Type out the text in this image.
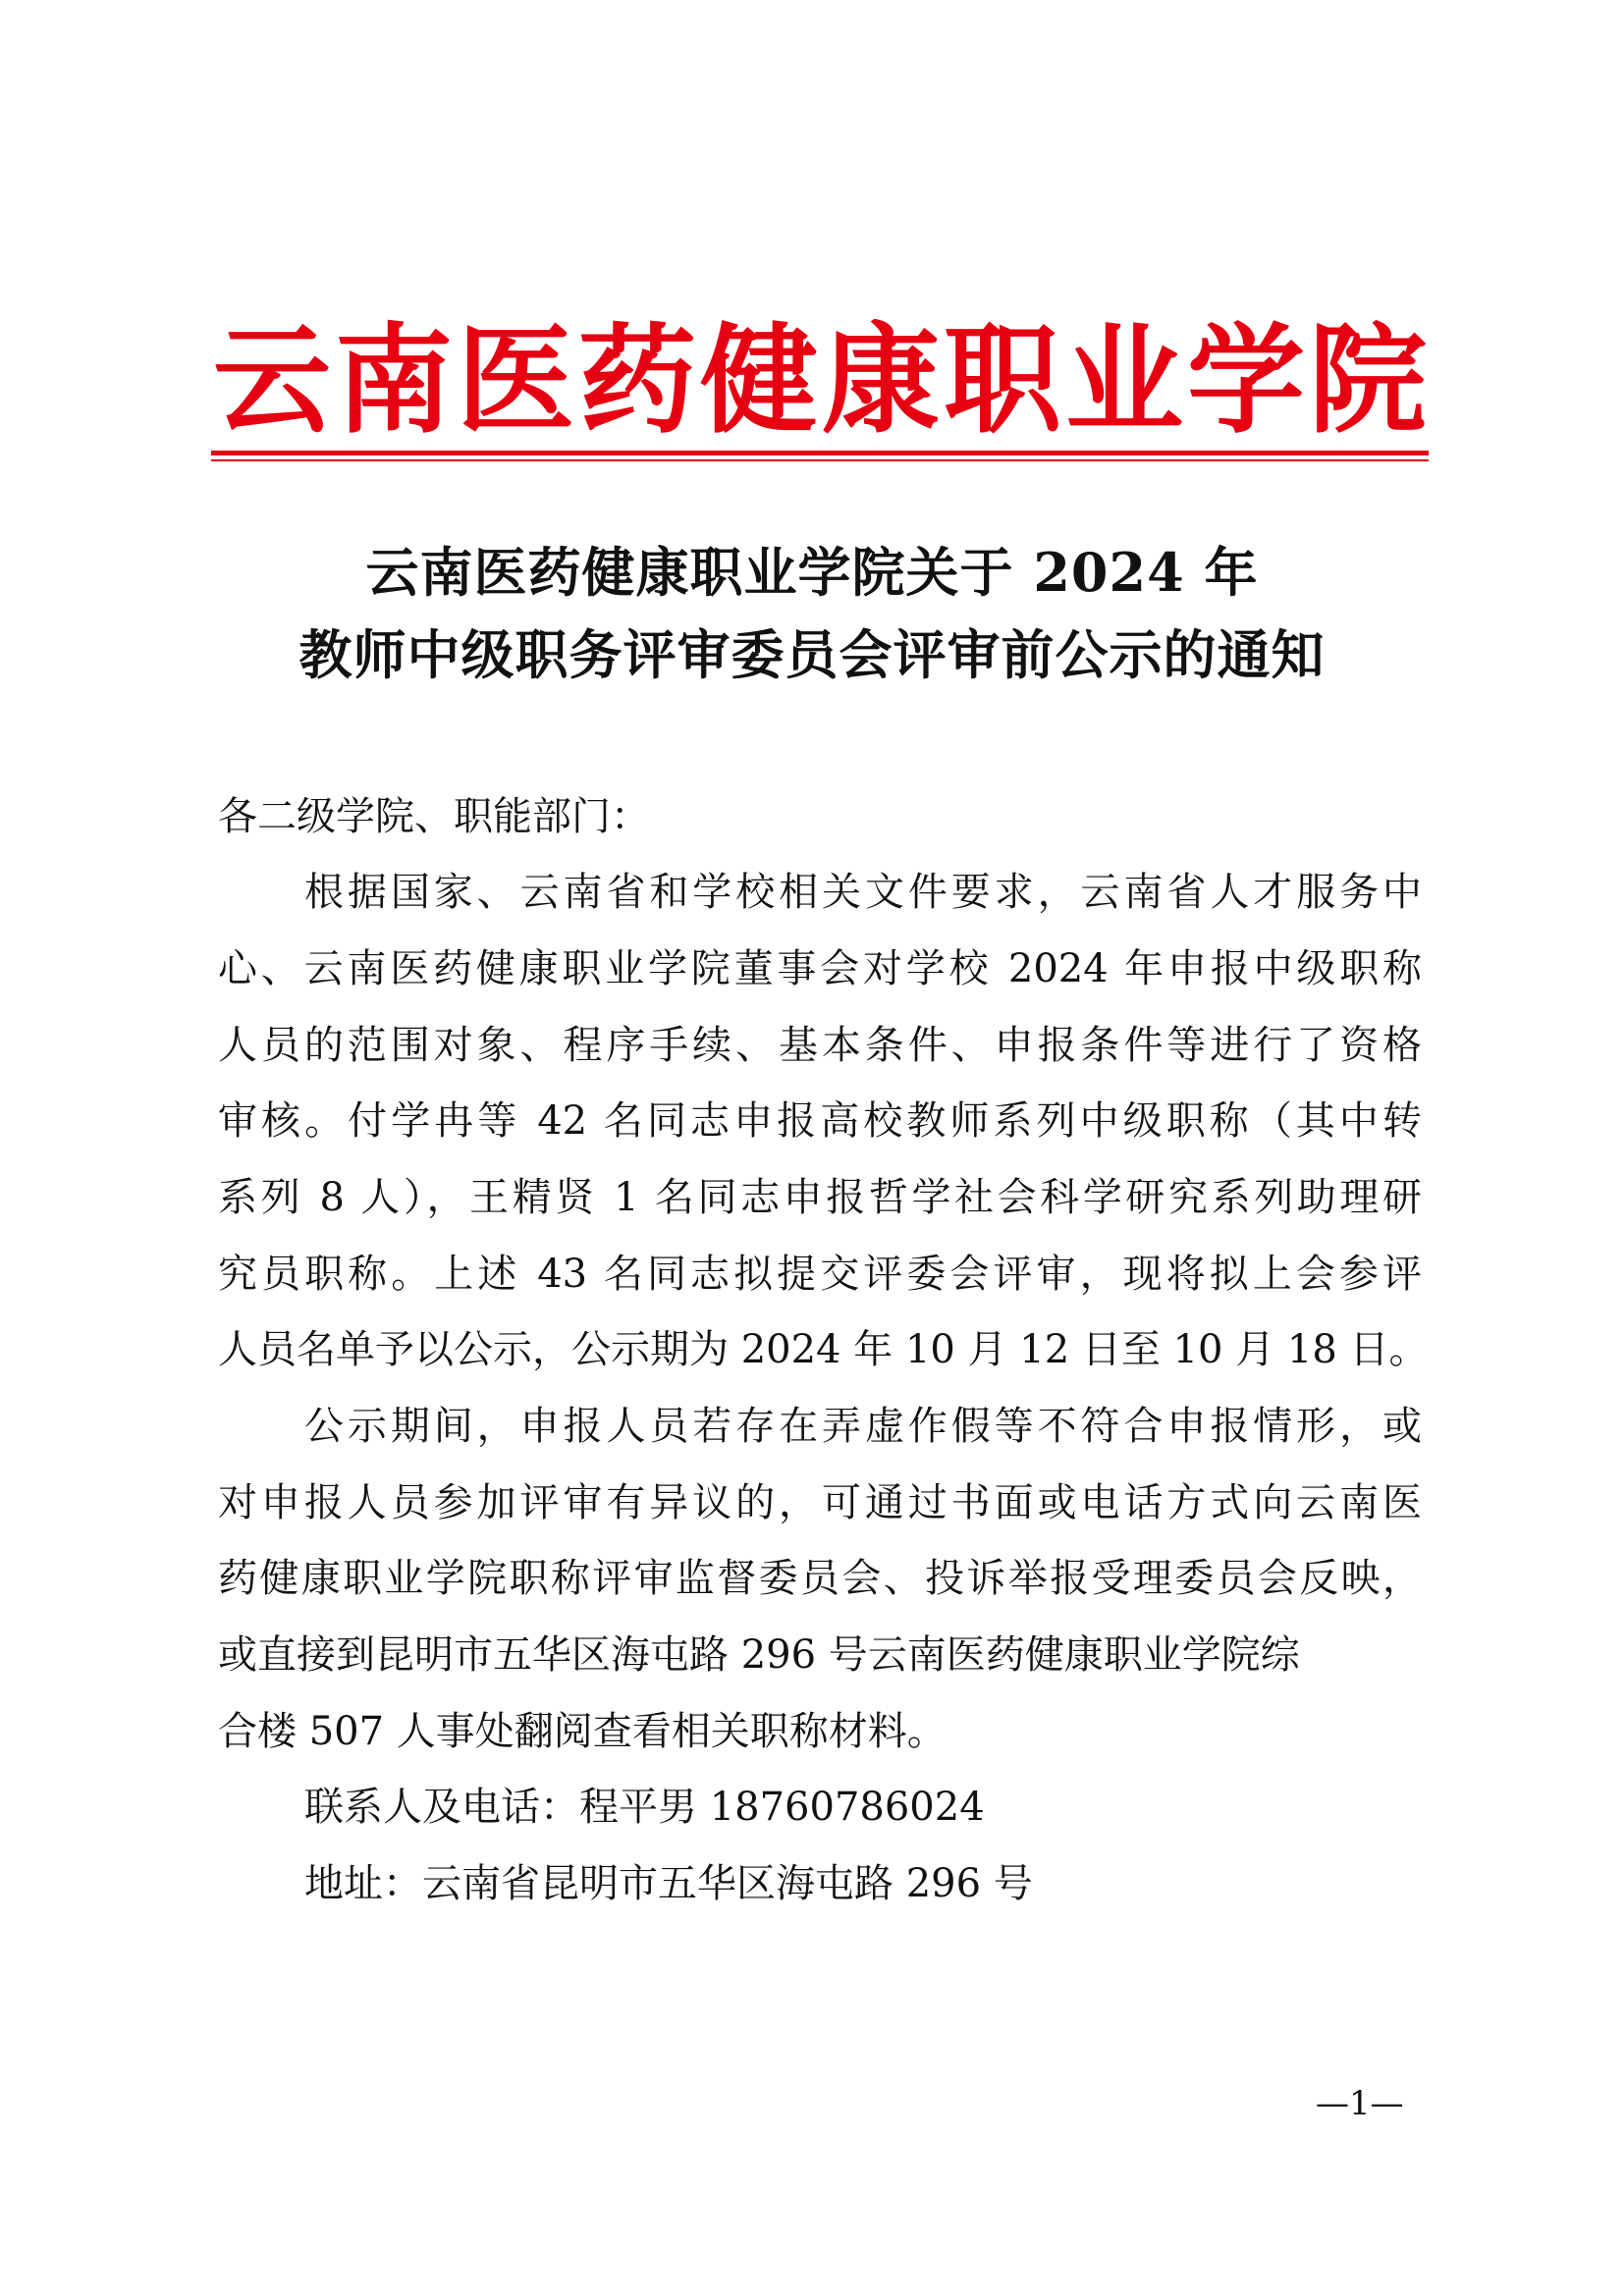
云 南 医 药 健 康 职 业 学 院
云南医药健康职业学院关于 2024 年
教师中级职务评审委员会评审前公示的通知
各二级学院、职能部门：
根据国家、云南省和学校相关文件要求，云南省人才服务中
心、云南医药健康职业学院董事会对学校 2024 年申报中级职称
人员的范围对象、程序手续、基本条件、申报条件等进行了资格
审核。付学冉等 42 名同志申报高校教师系列中级职称（其中转
系列 8 人），王精贤 1 名同志申报哲学社会科学研究系列助理研
究员职称。上述 43 名同志拟提交评委会评审，现将拟上会参评
人员名单予以公示，公示期为 2024 年 10 月 12 日至 10 月 18 日。
公示期间，申报人员若存在弄虚作假等不符合申报情形，或
对申报人员参加评审有异议的，可通过书面或电话方式向云南医
药健康职业学院职称评审监督委员会、投诉举报受理委员会反映，
或直接到昆明市五华区海屯路 296 号云南医药健康职业学院综
合楼 507 人事处翻阅查看相关职称材料。
联系人及电话：程平男 18760786024
地址：云南省昆明市五华区海屯路 296 号
—1—
